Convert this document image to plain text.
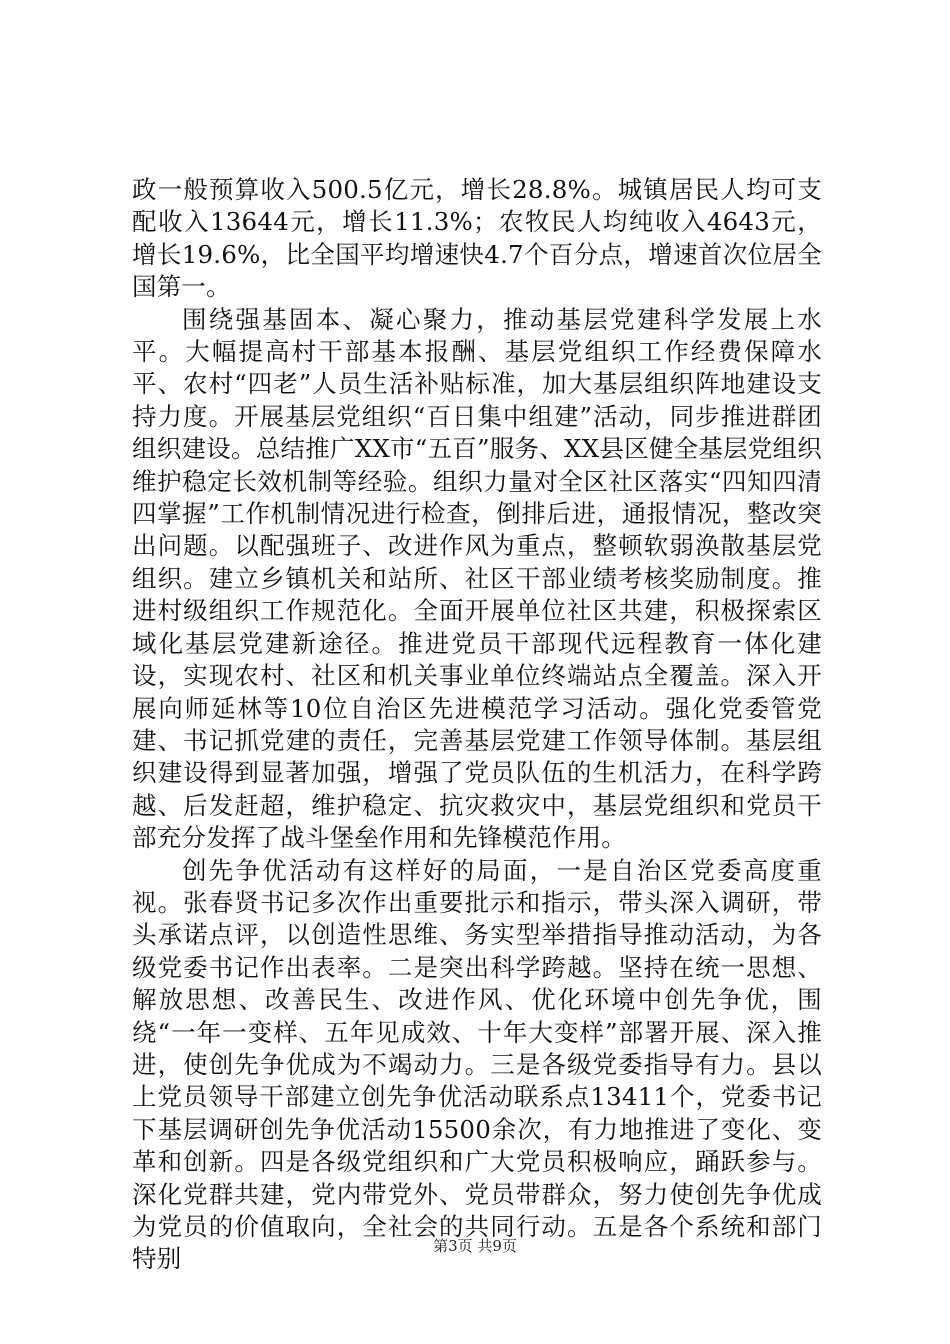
政一般预算收入500.5亿元，增长28.8%。城镇居民人均可支配收入13644元，增长11.3%；农牧民人均纯收入4643元，增长19.6%，比全国平均增速快4.7个百分点，增速首次位居全国第一。

围绕强基固本、凝心聚力，推动基层党建科学发展上水平。大幅提高村干部基本报酬、基层党组织工作经费保障水平、农村“四老”人员生活补贴标准，加大基层组织阵地建设支持力度。开展基层党组织“百日集中组建”活动，同步推进群团组织建设。总结推广XX市“五百”服务、XX县区健全基层党组织维护稳定长效机制等经验。组织力量对全区社区落实“四知四清四掌握”工作机制情况进行检查，倒排后进，通报情况，整改突出问题。以配强班子、改进作风为重点，整顿软弱涣散基层党组织。建立乡镇机关和站所、社区干部业绩考核奖励制度。推进村级组织工作规范化。全面开展单位社区共建，积极探索区域化基层党建新途径。推进党员干部现代远程教育一体化建设，实现农村、社区和机关事业单位终端站点全覆盖。深入开展向师延林等10位自治区先进模范学习活动。强化党委管党建、书记抓党建的责任，完善基层党建工作领导体制。基层组织建设得到显著加强，增强了党员队伍的生机活力，在科学跨越、后发赶超，维护稳定、抗灾救灾中，基层党组织和党员干部充分发挥了战斗堡垒作用和先锋模范作用。

创先争优活动有这样好的局面，一是自治区党委高度重视。张春贤书记多次作出重要批示和指示，带头深入调研，带头承诺点评，以创造性思维、务实型举措指导推动活动，为各级党委书记作出表率。二是突出科学跨越。坚持在统一思想、解放思想、改善民生、改进作风、优化环境中创先争优，围绕“一年一变样、五年见成效、十年大变样”部署开展、深入推进，使创先争优成为不竭动力。三是各级党委指导有力。县以上党员领导干部建立创先争优活动联系点13411个，党委书记下基层调研创先争优活动15500余次，有力地推进了变化、变革和创新。四是各级党组织和广大党员积极响应，踊跃参与。深化党群共建，党内带党外、党员带群众，努力使创先争优成为党员的价值取向，全社会的共同行动。五是各个系统和部门特别	第3页 共9页
